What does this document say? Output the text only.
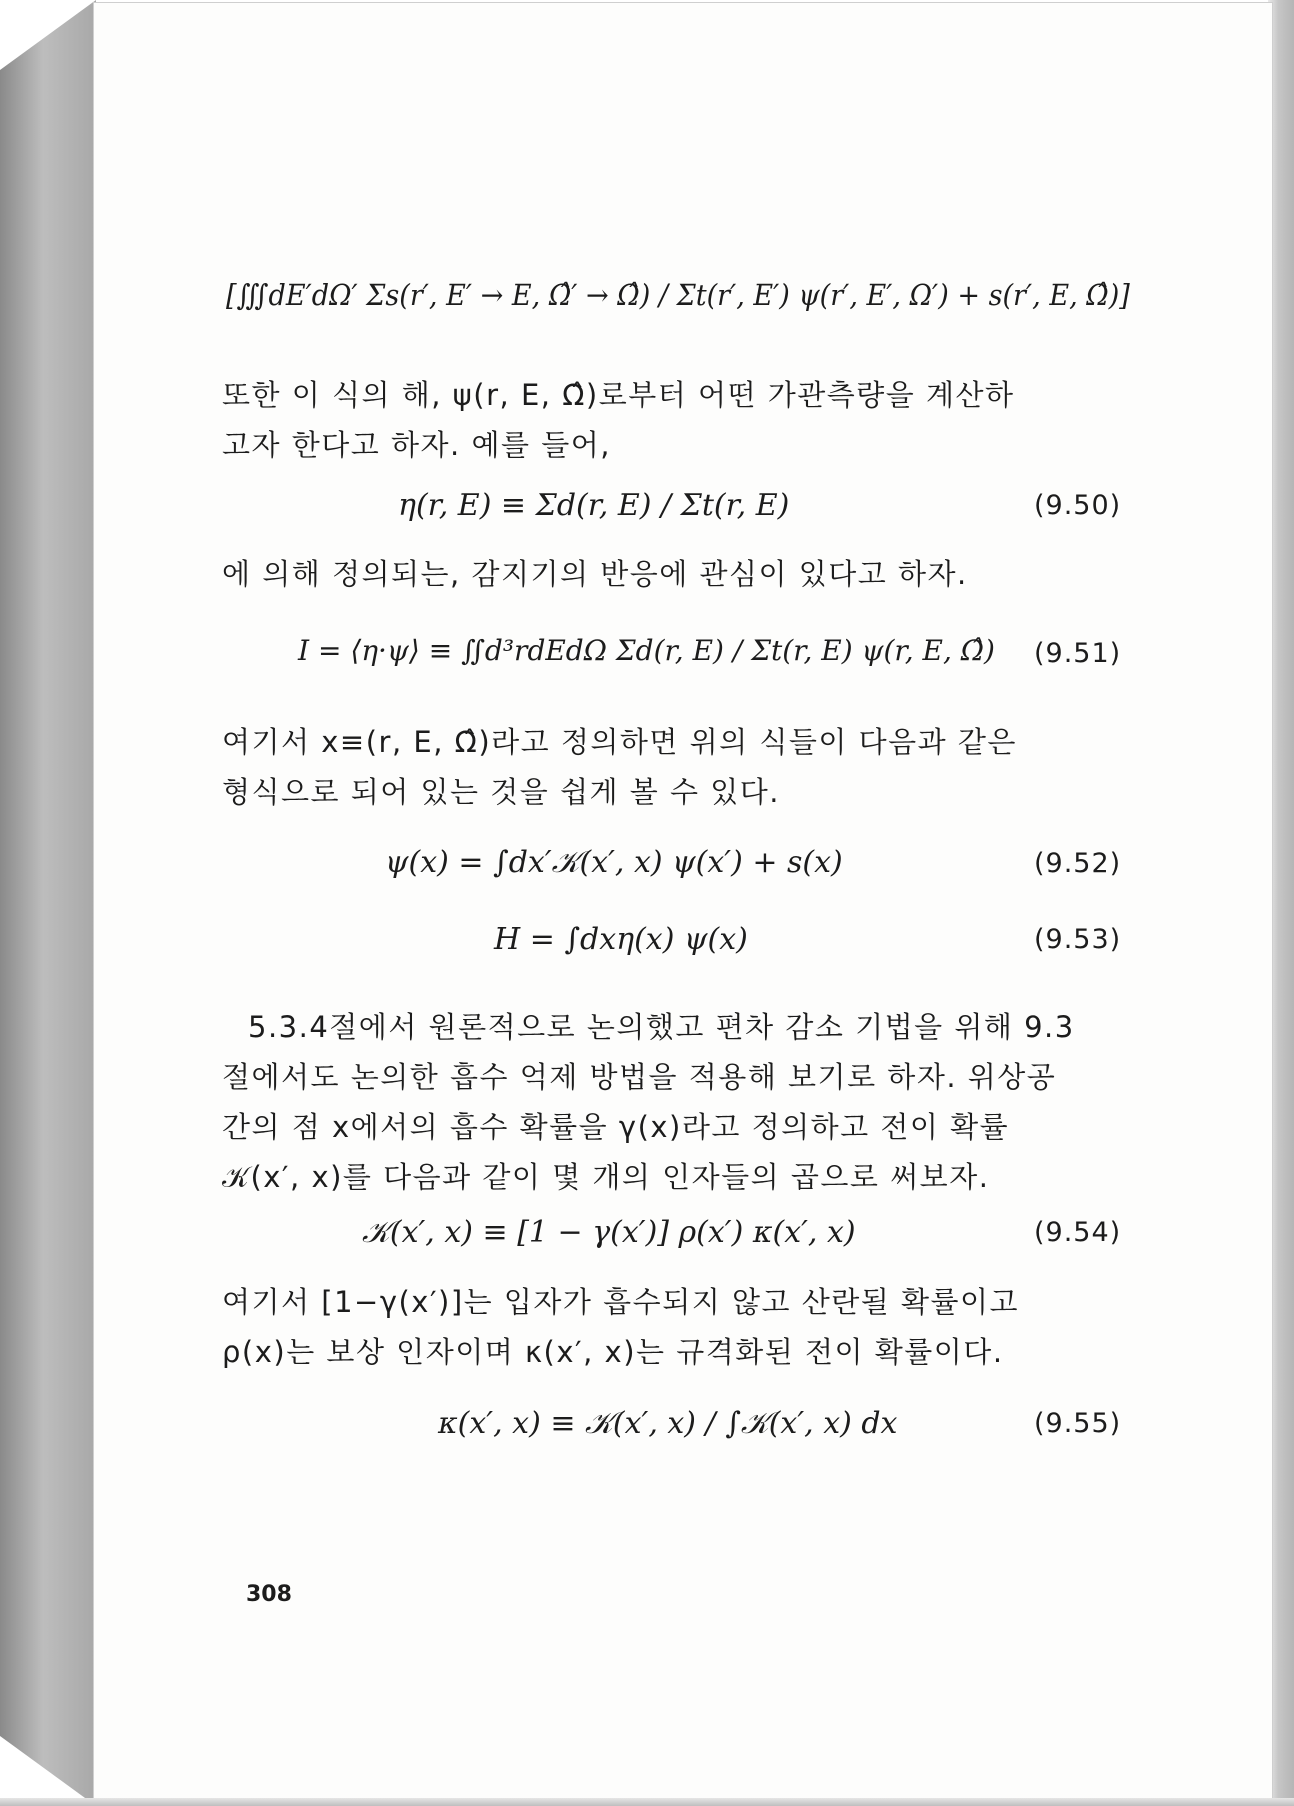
[∭dE′dΩ′ Σs(r′, E′ → E, Ω̂′ → Ω̂) / Σt(r′, E′) ψ(r′, E′, Ω′) + s(r′, E, Ω̂)]
또한 이 식의 해, ψ(r, E, Ω̂)로부터 어떤 가관측량을 계산하
고자 한다고 하자. 예를 들어,
η(r, E) ≡ Σd(r, E) / Σt(r, E)	(9.50)
에 의해 정의되는, 감지기의 반응에 관심이 있다고 하자.
I = ⟨η·ψ⟩ ≡ ∬d³rdEdΩ Σd(r, E) / Σt(r, E) ψ(r, E, Ω̂) (9.51)
여기서 x≡(r, E, Ω̂)라고 정의하면 위의 식들이 다음과 같은
형식으로 되어 있는 것을 쉽게 볼 수 있다.
ψ(x) = ∫dx′𝒦(x′, x) ψ(x′) + s(x)	(9.52)
H = ∫dxη(x) ψ(x)	(9.53)
5.3.4절에서 원론적으로 논의했고 편차 감소 기법을 위해 9.3
절에서도 논의한 흡수 억제 방법을 적용해 보기로 하자. 위상공
간의 점 x에서의 흡수 확률을 γ(x)라고 정의하고 전이 확률
𝒦(x′, x)를 다음과 같이 몇 개의 인자들의 곱으로 써보자.
𝒦(x′, x) ≡ [1 − γ(x′)] ρ(x′) κ(x′, x)	(9.54)
여기서 [1−γ(x′)]는 입자가 흡수되지 않고 산란될 확률이고
ρ(x)는 보상 인자이며 κ(x′, x)는 규격화된 전이 확률이다.
κ(x′, x) ≡ 𝒦(x′, x) / ∫𝒦(x′, x) dx	(9.55)
308
